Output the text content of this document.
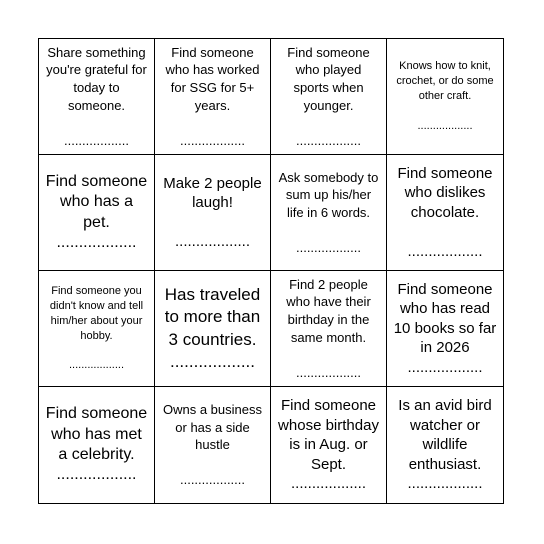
Share something you're grateful for today to someone.

..................
Find someone who has worked for SSG for 5+ years.

..................
Find someone who played sports when younger.

..................
Knows how to knit, crochet, or do some other craft.

..................
Find someone who has a pet.
..................
Make 2 people laugh!

..................
Ask somebody to sum up his/her life in 6 words.

..................
Find someone who dislikes chocolate.

..................
Find someone you didn't know and tell him/her about your hobby.

..................
Has traveled to more than 3 countries.
..................
Find 2 people who have their birthday in the same month.

..................
Find someone who has read 10 books so far in 2026
..................
Find someone who has met a celebrity.
..................
Owns a business or has a side hustle

..................
Find someone whose birthday is in Aug. or Sept.
..................
Is an avid bird watcher or wildlife enthusiast.
..................
